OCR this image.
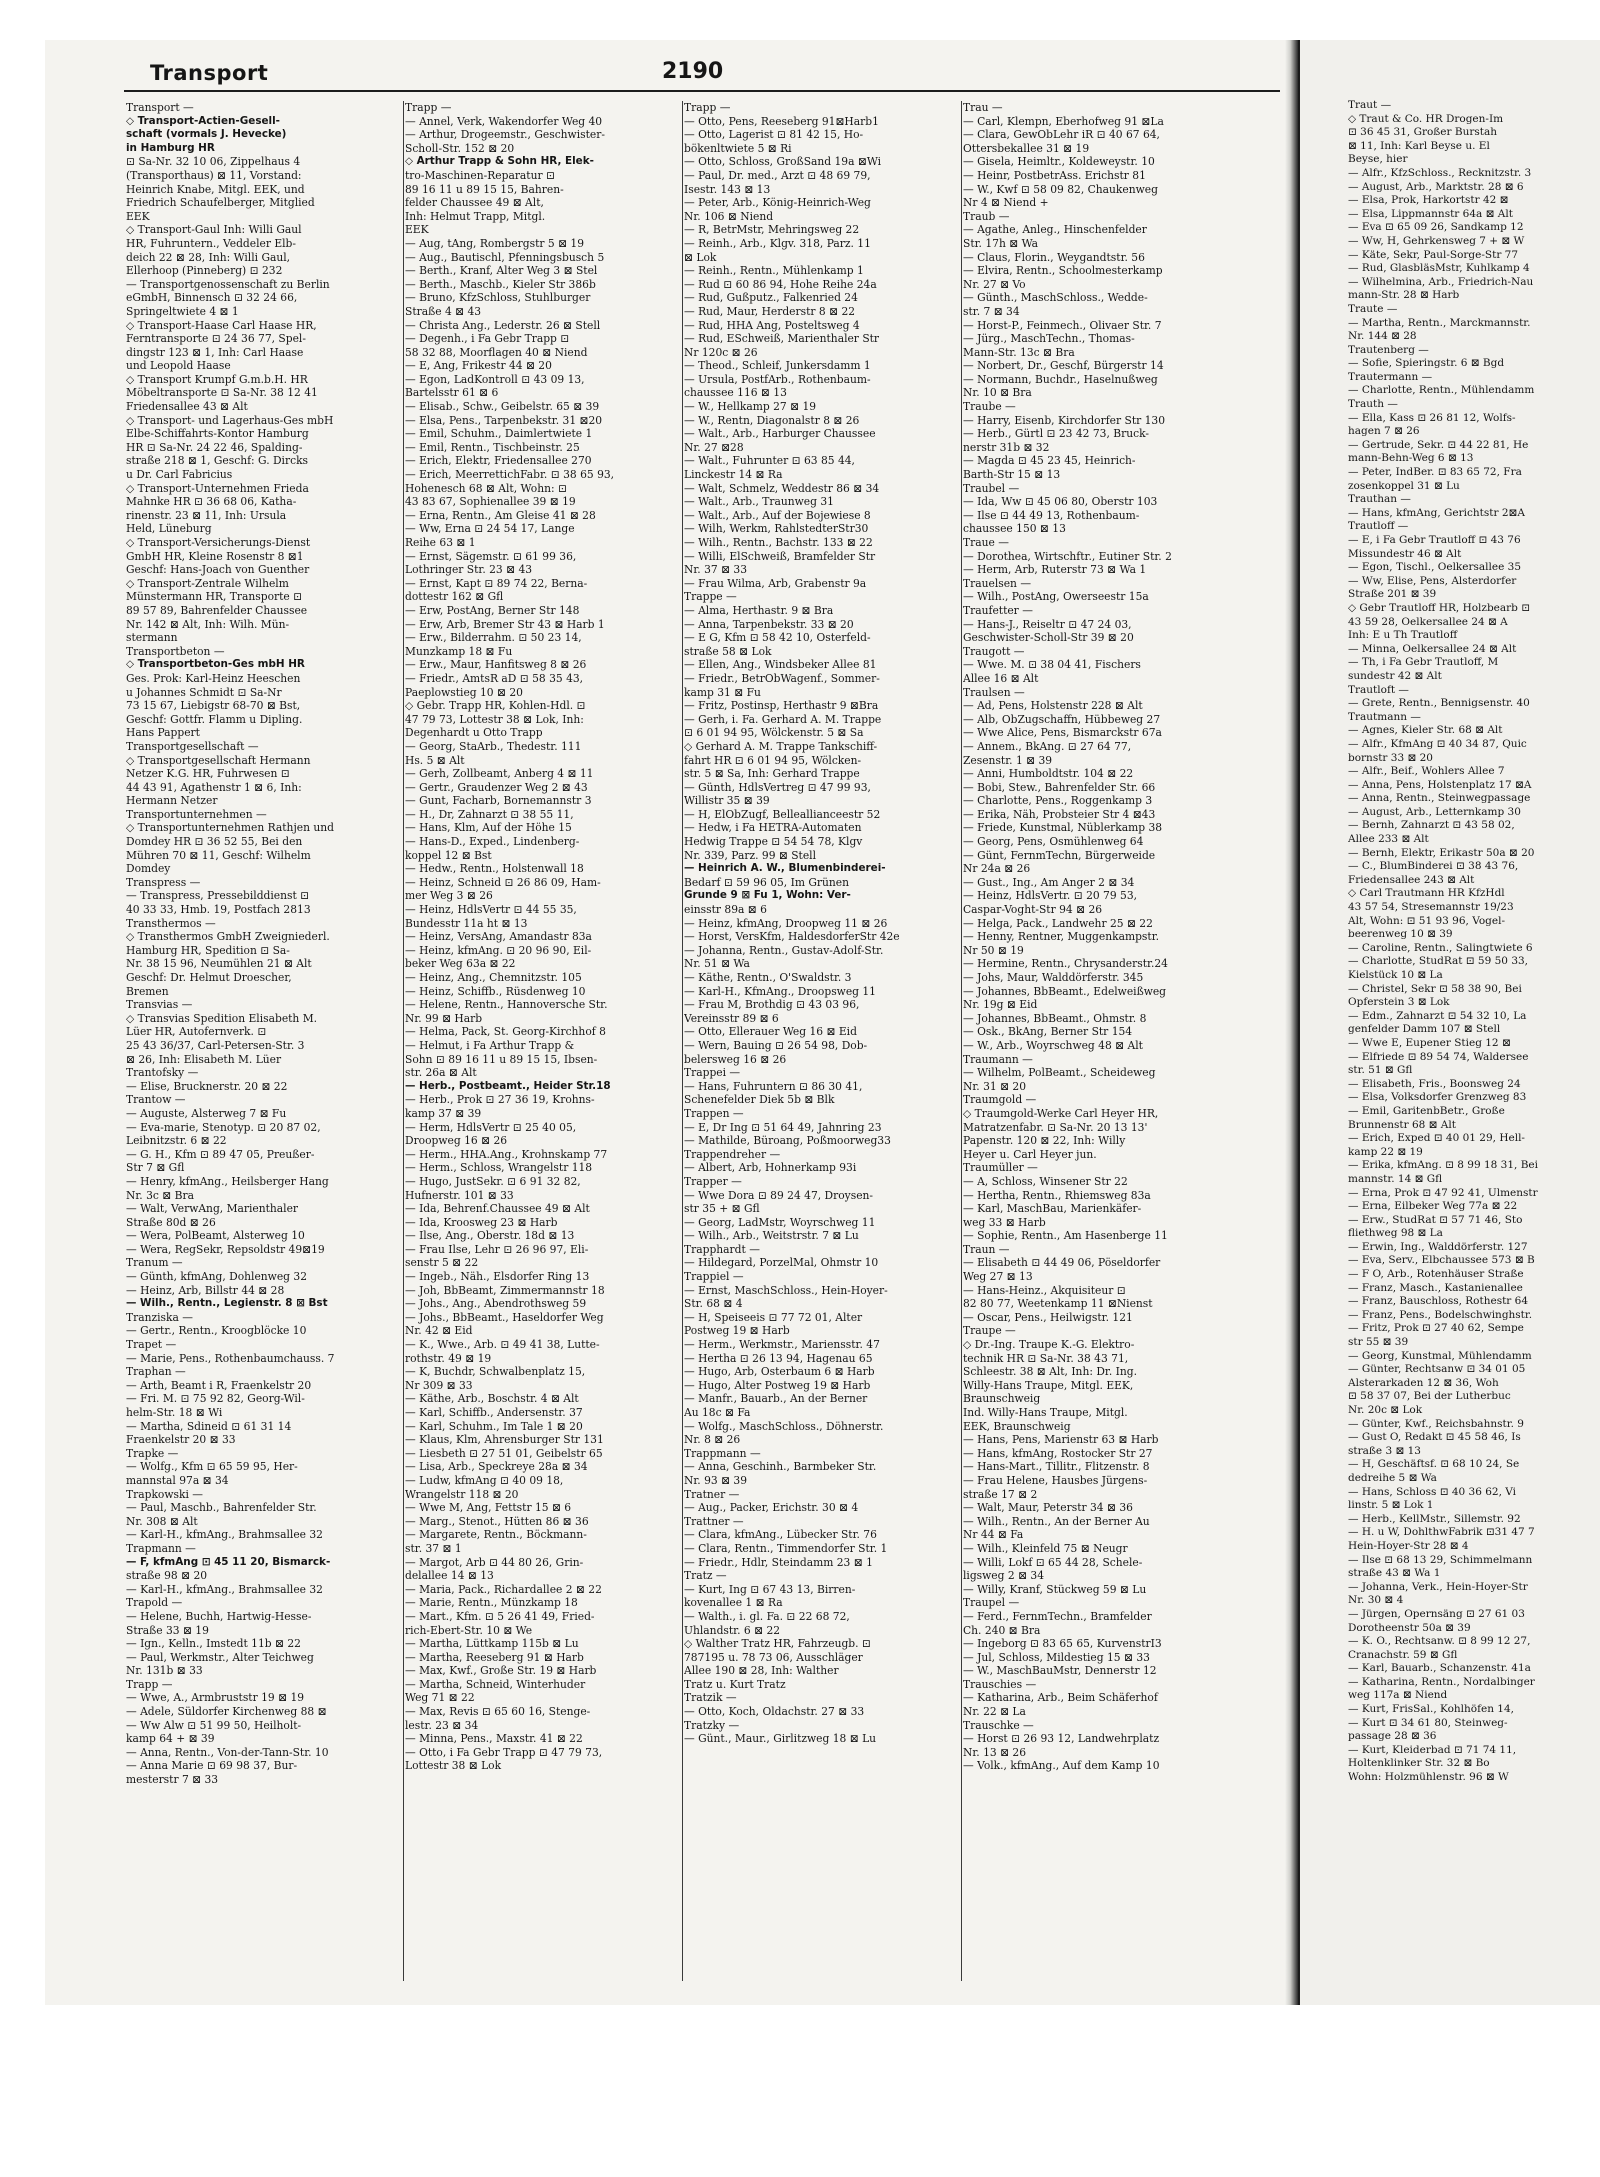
Transport	2190
Transport —
◇ Transport-Actien-Gesell-
schaft (vormals J. Hevecke)
in Hamburg HR
⊡ Sa-Nr. 32 10 06, Zippelhaus 4
(Transporthaus) ⊠ 11, Vorstand:
Heinrich Knabe, Mitgl. EEK, und
Friedrich Schaufelberger, Mitglied
EEK
◇ Transport-Gaul Inh: Willi Gaul
HR, Fuhruntern., Veddeler Elb-
deich 22 ⊠ 28, Inh: Willi Gaul,
Ellerhoop (Pinneberg) ⊡ 232
— Transportgenossenschaft zu Berlin
eGmbH, Binnensch ⊡ 32 24 66,
Springeltwiete 4 ⊠ 1
◇ Transport-Haase Carl Haase HR,
Ferntransporte ⊡ 24 36 77, Spel-
dingstr 123 ⊠ 1, Inh: Carl Haase
und Leopold Haase
◇ Transport Krumpf G.m.b.H. HR
Möbeltransporte ⊡ Sa-Nr. 38 12 41
Friedensallee 43 ⊠ Alt
◇ Transport- und Lagerhaus-Ges mbH
Elbe-Schiffahrts-Kontor Hamburg
HR ⊡ Sa-Nr. 24 22 46, Spalding-
straße 218 ⊠ 1, Geschf: G. Dircks
u Dr. Carl Fabricius
◇ Transport-Unternehmen Frieda
Mahnke HR ⊡ 36 68 06, Katha-
rinenstr. 23 ⊠ 11, Inh: Ursula
Held, Lüneburg
◇ Transport-Versicherungs-Dienst
GmbH HR, Kleine Rosenstr 8 ⊠1
Geschf: Hans-Joach von Guenther
◇ Transport-Zentrale Wilhelm
Münstermann HR, Transporte ⊡
89 57 89, Bahrenfelder Chaussee
Nr. 142 ⊠ Alt, Inh: Wilh. Mün-
stermann
Transportbeton —
◇ Transportbeton-Ges mbH HR
Ges. Prok: Karl-Heinz Heeschen
u Johannes Schmidt ⊡ Sa-Nr
73 15 67, Liebigstr 68-70 ⊠ Bst,
Geschf: Gottfr. Flamm u Dipling.
Hans Pappert
Transportgesellschaft —
◇ Transportgesellschaft Hermann
Netzer K.G. HR, Fuhrwesen ⊡
44 43 91, Agathenstr 1 ⊠ 6, Inh:
Hermann Netzer
Transportunternehmen —
◇ Transportunternehmen Rathjen und
Domdey HR ⊡ 36 52 55, Bei den
Mühren 70 ⊠ 11, Geschf: Wilhelm
Domdey
Transpress —
— Transpress, Pressebilddienst ⊡
40 33 33, Hmb. 19, Postfach 2813
Transthermos —
◇ Transthermos GmbH Zweigniederl.
Hamburg HR, Spedition ⊡ Sa-
Nr. 38 15 96, Neumühlen 21 ⊠ Alt
Geschf: Dr. Helmut Droescher,
Bremen
Transvias —
◇ Transvias Spedition Elisabeth M.
Lüer HR, Autofernverk. ⊡
25 43 36/37, Carl-Petersen-Str. 3
⊠ 26, Inh: Elisabeth M. Lüer
Trantofsky —
— Elise, Brucknerstr. 20 ⊠ 22
Trantow —
— Auguste, Alsterweg 7 ⊠ Fu
— Eva-marie, Stenotyp. ⊡ 20 87 02,
Leibnitzstr. 6 ⊠ 22
— G. H., Kfm ⊡ 89 47 05, Preußer-
Str 7 ⊠ Gfl
— Henry, kfmAng., Heilsberger Hang
Nr. 3c ⊠ Bra
— Walt, VerwAng, Marienthaler
Straße 80d ⊠ 26
— Wera, PolBeamt, Alsterweg 10
— Wera, RegSekr, Repsoldstr 49⊠19
Tranum —
— Günth, kfmAng, Dohlenweg 32
— Heinz, Arb, Billstr 44 ⊠ 28
— Wilh., Rentn., Legienstr. 8 ⊠ Bst
Tranziska —
— Gertr., Rentn., Kroogblöcke 10
Trapet —
— Marie, Pens., Rothenbaumchauss. 7
Traphan —
— Arth, Beamt i R, Fraenkelstr 20
— Fri. M. ⊡ 75 92 82, Georg-Wil-
helm-Str. 18 ⊠ Wi
— Martha, Sdineid ⊡ 61 31 14
Fraenkelstr 20 ⊠ 33
Trapke —
— Wolfg., Kfm ⊡ 65 59 95, Her-
mannstal 97a ⊠ 34
Trapkowski —
— Paul, Maschb., Bahrenfelder Str.
Nr. 308 ⊠ Alt
— Karl-H., kfmAng., Brahmsallee 32
Trapmann —
— F, kfmAng ⊡ 45 11 20, Bismarck-
straße 98 ⊠ 20
— Karl-H., kfmAng., Brahmsallee 32
Trapold —
— Helene, Buchh, Hartwig-Hesse-
Straße 33 ⊠ 19
— Ign., Kelln., Imstedt 11b ⊠ 22
— Paul, Werkmstr., Alter Teichweg
Nr. 131b ⊠ 33
Trapp —
— Wwe, A., Armbruststr 19 ⊠ 19
— Adele, Süldorfer Kirchenweg 88 ⊠
— Ww Alw ⊡ 51 99 50, Heilholt-
kamp 64 + ⊠ 39
— Anna, Rentn., Von-der-Tann-Str. 10
— Anna Marie ⊡ 69 98 37, Bur-
mesterstr 7 ⊠ 33
Trapp —
— Annel, Verk, Wakendorfer Weg 40
— Arthur, Drogeemstr., Geschwister-
Scholl-Str. 152 ⊠ 20
◇ Arthur Trapp & Sohn HR, Elek-
tro-Maschinen-Reparatur ⊡
89 16 11 u 89 15 15, Bahren-
felder Chaussee 49 ⊠ Alt,
Inh: Helmut Trapp, Mitgl.
EEK
— Aug, tAng, Rombergstr 5 ⊠ 19
— Aug., Bautischl, Pfenningsbusch 5
— Berth., Kranf, Alter Weg 3 ⊠ Stel
— Berth., Maschb., Kieler Str 386b
— Bruno, KfzSchloss, Stuhlburger
Straße 4 ⊠ 43
— Christa Ang., Lederstr. 26 ⊠ Stell
— Degenh., i Fa Gebr Trapp ⊡
58 32 88, Moorflagen 40 ⊠ Niend
— E, Ang, Frikestr 44 ⊠ 20
— Egon, LadKontroll ⊡ 43 09 13,
Bartelsstr 61 ⊠ 6
— Elisab., Schw., Geibelstr. 65 ⊠ 39
— Elsa, Pens., Tarpenbekstr. 31 ⊠20
— Emil, Schuhm., Daimlertwiete 1
— Emil, Rentn., Tischbeinstr. 25
— Erich, Elektr, Friedensallee 270
— Erich, MeerrettichFabr. ⊡ 38 65 93,
Hohenesch 68 ⊠ Alt, Wohn: ⊡
43 83 67, Sophienallee 39 ⊠ 19
— Erna, Rentn., Am Gleise 41 ⊠ 28
— Ww, Erna ⊡ 24 54 17, Lange
Reihe 63 ⊠ 1
— Ernst, Sägemstr. ⊡ 61 99 36,
Lothringer Str. 23 ⊠ 43
— Ernst, Kapt ⊡ 89 74 22, Berna-
dottestr 162 ⊠ Gfl
— Erw, PostAng, Berner Str 148
— Erw, Arb, Bremer Str 43 ⊠ Harb 1
— Erw., Bilderrahm. ⊡ 50 23 14,
Munzkamp 18 ⊠ Fu
— Erw., Maur, Hanfitsweg 8 ⊠ 26
— Friedr., AmtsR aD ⊡ 58 35 43,
Paeplowstieg 10 ⊠ 20
◇ Gebr. Trapp HR, Kohlen-Hdl. ⊡
47 79 73, Lottestr 38 ⊠ Lok, Inh:
Degenhardt u Otto Trapp
— Georg, StaArb., Thedestr. 111
Hs. 5 ⊠ Alt
— Gerh, Zollbeamt, Anberg 4 ⊠ 11
— Gertr., Graudenzer Weg 2 ⊠ 43
— Gunt, Facharb, Bornemannstr 3
— H., Dr, Zahnarzt ⊡ 38 55 11,
— Hans, Klm, Auf der Höhe 15
— Hans-D., Exped., Lindenberg-
koppel 12 ⊠ Bst
— Hedw., Rentn., Holstenwall 18
— Heinz, Schneid ⊡ 26 86 09, Ham-
mer Weg 3 ⊠ 26
— Heinz, HdlsVertr ⊡ 44 55 35,
Bundesstr 11a ht ⊠ 13
— Heinz, VersAng, Amandastr 83a
— Heinz, kfmAng. ⊡ 20 96 90, Eil-
beker Weg 63a ⊠ 22
— Heinz, Ang., Chemnitzstr. 105
— Heinz, Schiffb., Rüsdenweg 10
— Helene, Rentn., Hannoversche Str.
Nr. 99 ⊠ Harb
— Helma, Pack, St. Georg-Kirchhof 8
— Helmut, i Fa Arthur Trapp &
Sohn ⊡ 89 16 11 u 89 15 15, Ibsen-
str. 26a ⊠ Alt
— Herb., Postbeamt., Heider Str.18
— Herb., Prok ⊡ 27 36 19, Krohns-
kamp 37 ⊠ 39
— Herm, HdlsVertr ⊡ 25 40 05,
Droopweg 16 ⊠ 26
— Herm., HHA.Ang., Krohnskamp 77
— Herm., Schloss, Wrangelstr 118
— Hugo, JustSekr. ⊡ 6 91 32 82,
Hufnerstr. 101 ⊠ 33
— Ida, Behrenf.Chaussee 49 ⊠ Alt
— Ida, Kroosweg 23 ⊠ Harb
— Ilse, Ang., Oberstr. 18d ⊠ 13
— Frau Ilse, Lehr ⊡ 26 96 97, Eli-
senstr 5 ⊠ 22
— Ingeb., Näh., Elsdorfer Ring 13
— Joh, BbBeamt, Zimmermannstr 18
— Johs., Ang., Abendrothsweg 59
— Johs., BbBeamt., Haseldorfer Weg
Nr. 42 ⊠ Eid
— K., Wwe., Arb. ⊡ 49 41 38, Lutte-
rothstr. 49 ⊠ 19
— K, Buchdr, Schwalbenplatz 15,
Nr 309 ⊠ 33
— Käthe, Arb., Boschstr. 4 ⊠ Alt
— Karl, Schiffb., Andersenstr. 37
— Karl, Schuhm., Im Tale 1 ⊠ 20
— Klaus, Klm, Ahrensburger Str 131
— Liesbeth ⊡ 27 51 01, Geibelstr 65
— Lisa, Arb., Speckreye 28a ⊠ 34
— Ludw, kfmAng ⊡ 40 09 18,
Wrangelstr 118 ⊠ 20
— Wwe M, Ang, Fettstr 15 ⊠ 6
— Marg., Stenot., Hütten 86 ⊠ 36
— Margarete, Rentn., Böckmann-
str. 37 ⊠ 1
— Margot, Arb ⊡ 44 80 26, Grin-
delallee 14 ⊠ 13
— Maria, Pack., Richardallee 2 ⊠ 22
— Marie, Rentn., Münzkamp 18
— Mart., Kfm. ⊡ 5 26 41 49, Fried-
rich-Ebert-Str. 10 ⊠ We
— Martha, Lüttkamp 115b ⊠ Lu
— Martha, Reeseberg 91 ⊠ Harb
— Max, Kwf., Große Str. 19 ⊠ Harb
— Martha, Schneid, Winterhuder
Weg 71 ⊠ 22
— Max, Revis ⊡ 65 60 16, Stenge-
lestr. 23 ⊠ 34
— Minna, Pens., Maxstr. 41 ⊠ 22
— Otto, i Fa Gebr Trapp ⊡ 47 79 73,
Lottestr 38 ⊠ Lok
Trapp —
— Otto, Pens, Reeseberg 91⊠Harb1
— Otto, Lagerist ⊡ 81 42 15, Ho-
bökenltwiete 5 ⊠ Ri
— Otto, Schloss, GroßSand 19a ⊠Wi
— Paul, Dr. med., Arzt ⊡ 48 69 79,
Isestr. 143 ⊠ 13
— Peter, Arb., König-Heinrich-Weg
Nr. 106 ⊠ Niend
— R, BetrMstr, Mehringsweg 22
— Reinh., Arb., Klgv. 318, Parz. 11
⊠ Lok
— Reinh., Rentn., Mühlenkamp 1
— Rud ⊡ 60 86 94, Hohe Reihe 24a
— Rud, Gußputz., Falkenried 24
— Rud, Maur, Herderstr 8 ⊠ 22
— Rud, HHA Ang, Posteltsweg 4
— Rud, ESchweiß, Marienthaler Str
Nr 120c ⊠ 26
— Theod., Schleif, Junkersdamm 1
— Ursula, PostfArb., Rothenbaum-
chaussee 116 ⊠ 13
— W., Hellkamp 27 ⊠ 19
— W., Rentn, Diagonalstr 8 ⊠ 26
— Walt., Arb., Harburger Chaussee
Nr. 27 ⊠28
— Walt., Fuhrunter ⊡ 63 85 44,
Linckestr 14 ⊠ Ra
— Walt, Schmelz, Weddestr 86 ⊠ 34
— Walt., Arb., Traunweg 31
— Walt., Arb., Auf der Bojewiese 8
— Wilh, Werkm, RahlstedterStr30
— Wilh., Rentn., Bachstr. 133 ⊠ 22
— Willi, ElSchweiß, Bramfelder Str
Nr. 37 ⊠ 33
— Frau Wilma, Arb, Grabenstr 9a
Trappe —
— Alma, Herthastr. 9 ⊠ Bra
— Anna, Tarpenbekstr. 33 ⊠ 20
— E G, Kfm ⊡ 58 42 10, Osterfeld-
straße 58 ⊠ Lok
— Ellen, Ang., Windsbeker Allee 81
— Friedr., BetrObWagenf., Sommer-
kamp 31 ⊠ Fu
— Fritz, Postinsp, Herthastr 9 ⊠Bra
— Gerh, i. Fa. Gerhard A. M. Trappe
⊡ 6 01 94 95, Wölckenstr. 5 ⊠ Sa
◇ Gerhard A. M. Trappe Tankschiff-
fahrt HR ⊡ 6 01 94 95, Wölcken-
str. 5 ⊠ Sa, Inh: Gerhard Trappe
— Günth, HdlsVertreg ⊡ 47 99 93,
Willistr 35 ⊠ 39
— H, ElObZugf, Belleallianceestr 52
— Hedw, i Fa HETRA-Automaten
Hedwig Trappe ⊡ 54 54 78, Klgv
Nr. 339, Parz. 99 ⊠ Stell
— Heinrich A. W., Blumenbinderei-
Bedarf ⊡ 59 96 05, Im Grünen
Grunde 9 ⊠ Fu 1, Wohn: Ver-
einsstr 89a ⊠ 6
— Heinz, kfmAng, Droopweg 11 ⊠ 26
— Horst, VersKfm, HaldesdorferStr 42e
— Johanna, Rentn., Gustav-Adolf-Str.
Nr. 51 ⊠ Wa
— Käthe, Rentn., O'Swaldstr. 3
— Karl-H., KfmAng., Droopsweg 11
— Frau M, Brothdig ⊡ 43 03 96,
Vereinsstr 89 ⊠ 6
— Otto, Ellerauer Weg 16 ⊠ Eid
— Wern, Bauing ⊡ 26 54 98, Dob-
belersweg 16 ⊠ 26
Trappei —
— Hans, Fuhruntern ⊡ 86 30 41,
Schenefelder Diek 5b ⊠ Blk
Trappen —
— E, Dr Ing ⊡ 51 64 49, Jahnring 23
— Mathilde, Büroang, Poßmoorweg33
Trappendreher —
— Albert, Arb, Hohnerkamp 93i
Trapper —
— Wwe Dora ⊡ 89 24 47, Droysen-
str 35 + ⊠ Gfl
— Georg, LadMstr, Woyrschweg 11
— Wilh., Arb., Weitstrstr. 7 ⊠ Lu
Trapphardt —
— Hildegard, PorzelMal, Ohmstr 10
Trappiel —
— Ernst, MaschSchloss., Hein-Hoyer-
Str. 68 ⊠ 4
— H, Speiseeis ⊡ 77 72 01, Alter
Postweg 19 ⊠ Harb
— Herm., Werkmstr., Mariensstr. 47
— Hertha ⊡ 26 13 94, Hagenau 65
— Hugo, Arb, Osterbaum 6 ⊠ Harb
— Hugo, Alter Postweg 19 ⊠ Harb
— Manfr., Bauarb., An der Berner
Au 18c ⊠ Fa
— Wolfg., MaschSchloss., Döhnerstr.
Nr. 8 ⊠ 26
Trappmann —
— Anna, Geschinh., Barmbeker Str.
Nr. 93 ⊠ 39
Tratner —
— Aug., Packer, Erichstr. 30 ⊠ 4
Trattner —
— Clara, kfmAng., Lübecker Str. 76
— Clara, Rentn., Timmendorfer Str. 1
— Friedr., Hdlr, Steindamm 23 ⊠ 1
Tratz —
— Kurt, Ing ⊡ 67 43 13, Birren-
kovenallee 1 ⊠ Ra
— Walth., i. gl. Fa. ⊡ 22 68 72,
Uhlandstr. 6 ⊠ 22
◇ Walther Tratz HR, Fahrzeugb. ⊡
787195 u. 78 73 06, Ausschläger
Allee 190 ⊠ 28, Inh: Walther
Tratz u. Kurt Tratz
Tratzik —
— Otto, Koch, Oldachstr. 27 ⊠ 33
Tratzky —
— Günt., Maur., Girlitzweg 18 ⊠ Lu
Trau —
— Carl, Klempn, Eberhofweg 91 ⊠La
— Clara, GewObLehr iR ⊡ 40 67 64,
Ottersbekallee 31 ⊠ 19
— Gisela, Heimltr., Koldeweystr. 10
— Heinr, PostbetrAss. Erichstr 81
— W., Kwf ⊡ 58 09 82, Chaukenweg
Nr 4 ⊠ Niend +
Traub —
— Agathe, Anleg., Hinschenfelder
Str. 17h ⊠ Wa
— Claus, Florin., Weygandtstr. 56
— Elvira, Rentn., Schoolmesterkamp
Nr. 27 ⊠ Vo
— Günth., MaschSchloss., Wedde-
str. 7 ⊠ 34
— Horst-P., Feinmech., Olivaer Str. 7
— Jürg., MaschTechn., Thomas-
Mann-Str. 13c ⊠ Bra
— Norbert, Dr., Geschf, Bürgerstr 14
— Normann, Buchdr., Haselnußweg
Nr. 10 ⊠ Bra
Traube —
— Harry, Eisenb, Kirchdorfer Str 130
— Herb., Gürtl ⊡ 23 42 73, Bruck-
nerstr 31b ⊠ 32
— Magda ⊡ 45 23 45, Heinrich-
Barth-Str 15 ⊠ 13
Traubel —
— Ida, Ww ⊡ 45 06 80, Oberstr 103
— Ilse ⊡ 44 49 13, Rothenbaum-
chaussee 150 ⊠ 13
Traue —
— Dorothea, Wirtschftr., Eutiner Str. 2
— Herm, Arb, Ruterstr 73 ⊠ Wa 1
Trauelsen —
— Wilh., PostAng, Owerseestr 15a
Traufetter —
— Hans-J., Reiseltr ⊡ 47 24 03,
Geschwister-Scholl-Str 39 ⊠ 20
Traugott —
— Wwe. M. ⊡ 38 04 41, Fischers
Allee 16 ⊠ Alt
Traulsen —
— Ad, Pens, Holstenstr 228 ⊠ Alt
— Alb, ObZugschaffn, Hübbeweg 27
— Wwe Alice, Pens, Bismarckstr 67a
— Annem., BkAng. ⊡ 27 64 77,
Zesenstr. 1 ⊠ 39
— Anni, Humboldtstr. 104 ⊠ 22
— Bobi, Stew., Bahrenfelder Str. 66
— Charlotte, Pens., Roggenkamp 3
— Erika, Näh, Probsteier Str 4 ⊠43
— Friede, Kunstmal, Nüblerkamp 38
— Georg, Pens, Osmühlenweg 64
— Günt, FernmTechn, Bürgerweide
Nr 24a ⊠ 26
— Gust., Ing., Am Anger 2 ⊠ 34
— Heinz, HdlsVertr. ⊡ 20 79 53,
Caspar-Voght-Str 94 ⊠ 26
— Helga, Pack., Landwehr 25 ⊠ 22
— Henny, Rentner, Muggenkampstr.
Nr 50 ⊠ 19
— Hermine, Rentn., Chrysanderstr.24
— Johs, Maur, Walddörferstr. 345
— Johannes, BbBeamt., Edelweißweg
Nr. 19g ⊠ Eid
— Johannes, BbBeamt., Ohmstr. 8
— Osk., BkAng, Berner Str 154
— W., Arb., Woyrschweg 48 ⊠ Alt
Traumann —
— Wilhelm, PolBeamt., Scheideweg
Nr. 31 ⊠ 20
Traumgold —
◇ Traumgold-Werke Carl Heyer HR,
Matratzenfabr. ⊡ Sa-Nr. 20 13 13'
Papenstr. 120 ⊠ 22, Inh: Willy
Heyer u. Carl Heyer jun.
Traumüller —
— A, Schloss, Winsener Str 22
— Hertha, Rentn., Rhiemsweg 83a
— Karl, MaschBau, Marienkäfer-
weg 33 ⊠ Harb
— Sophie, Rentn., Am Hasenberge 11
Traun —
— Elisabeth ⊡ 44 49 06, Pöseldorfer
Weg 27 ⊠ 13
— Hans-Heinz., Akquisiteur ⊡
82 80 77, Weetenkamp 11 ⊠Nienst
— Oscar, Pens., Heilwigstr. 121
Traupe —
◇ Dr.-Ing. Traupe K.-G. Elektro-
technik HR ⊡ Sa-Nr. 38 43 71,
Schleestr. 38 ⊠ Alt, Inh: Dr. Ing.
Willy-Hans Traupe, Mitgl. EEK,
Braunschweig
Ind. Willy-Hans Traupe, Mitgl.
EEK, Braunschweig
— Hans, Pens, Marienstr 63 ⊠ Harb
— Hans, kfmAng, Rostocker Str 27
— Hans-Mart., Tillitr., Flitzenstr. 8
— Frau Helene, Hausbes Jürgens-
straße 17 ⊠ 2
— Walt, Maur, Peterstr 34 ⊠ 36
— Wilh., Rentn., An der Berner Au
Nr 44 ⊠ Fa
— Wilh., Kleinfeld 75 ⊠ Neugr
— Willi, Lokf ⊡ 65 44 28, Schele-
ligsweg 2 ⊠ 34
— Willy, Kranf, Stückweg 59 ⊠ Lu
Traupel —
— Ferd., FernmTechn., Bramfelder
Ch. 240 ⊠ Bra
— Ingeborg ⊡ 83 65 65, KurvenstrI3
— Jul, Schloss, Mildestieg 15 ⊠ 33
— W., MaschBauMstr, Dennerstr 12
Trauschies —
— Katharina, Arb., Beim Schäferhof
Nr. 22 ⊠ La
Trauschke —
— Horst ⊡ 26 93 12, Landwehrplatz
Nr. 13 ⊠ 26
— Volk., kfmAng., Auf dem Kamp 10
Traut —
◇ Traut & Co. HR Drogen-Im
⊡ 36 45 31, Großer Burstah
⊠ 11, Inh: Karl Beyse u. El
Beyse, hier
— Alfr., KfzSchloss., Recknitzstr. 3
— August, Arb., Marktstr. 28 ⊠ 6
— Elsa, Prok, Harkortstr 42 ⊠
— Elsa, Lippmannstr 64a ⊠ Alt
— Eva ⊡ 65 09 26, Sandkamp 12
— Ww, H, Gehrkensweg 7 + ⊠ W
— Käte, Sekr, Paul-Sorge-Str 77
— Rud, GlasbläsMstr, Kuhlkamp 4
— Wilhelmina, Arb., Friedrich-Nau
mann-Str. 28 ⊠ Harb
Traute —
— Martha, Rentn., Marckmannstr.
Nr. 144 ⊠ 28
Trautenberg —
— Sofie, Spieringstr. 6 ⊠ Bgd
Trautermann —
— Charlotte, Rentn., Mühlendamm
Trauth —
— Ella, Kass ⊡ 26 81 12, Wolfs-
hagen 7 ⊠ 26
— Gertrude, Sekr. ⊡ 44 22 81, He
mann-Behn-Weg 6 ⊠ 13
— Peter, IndBer. ⊡ 83 65 72, Fra
zosenkoppel 31 ⊠ Lu
Trauthan —
— Hans, kfmAng, Gerichtstr 2⊠A
Trautloff —
— E, i Fa Gebr Trautloff ⊡ 43 76
Missundestr 46 ⊠ Alt
— Egon, Tischl., Oelkersallee 35
— Ww, Elise, Pens, Alsterdorfer
Straße 201 ⊠ 39
◇ Gebr Trautloff HR, Holzbearb ⊡
43 59 28, Oelkersallee 24 ⊠ A
Inh: E u Th Trautloff
— Minna, Oelkersallee 24 ⊠ Alt
— Th, i Fa Gebr Trautloff, M
sundestr 42 ⊠ Alt
Trautloft —
— Grete, Rentn., Bennigsenstr. 40
Trautmann —
— Agnes, Kieler Str. 68 ⊠ Alt
— Alfr., KfmAng ⊡ 40 34 87, Quic
bornstr 33 ⊠ 20
— Alfr., Beif., Wohlers Allee 7
— Anna, Pens, Holstenplatz 17 ⊠A
— Anna, Rentn., Steinwegpassage
— August, Arb., Letternkamp 30
— Bernh, Zahnarzt ⊡ 43 58 02,
Allee 233 ⊠ Alt
— Bernh, Elektr, Erikastr 50a ⊠ 20
— C., BlumBinderei ⊡ 38 43 76,
Friedensallee 243 ⊠ Alt
◇ Carl Trautmann HR KfzHdl
43 57 54, Stresemannstr 19/23
Alt, Wohn: ⊡ 51 93 96, Vogel-
beerenweg 10 ⊠ 39
— Caroline, Rentn., Salingtwiete 6
— Charlotte, StudRat ⊡ 59 50 33,
Kielstück 10 ⊠ La
— Christel, Sekr ⊡ 58 38 90, Bei
Opferstein 3 ⊠ Lok
— Edm., Zahnarzt ⊡ 54 32 10, La
genfelder Damm 107 ⊠ Stell
— Wwe E, Eupener Stieg 12 ⊠
— Elfriede ⊡ 89 54 74, Waldersee
str. 51 ⊠ Gfl
— Elisabeth, Fris., Boonsweg 24
— Elsa, Volksdorfer Grenzweg 83
— Emil, GaritenbBetr., Große
Brunnenstr 68 ⊠ Alt
— Erich, Exped ⊡ 40 01 29, Hell-
kamp 22 ⊠ 19
— Erika, kfmAng. ⊡ 8 99 18 31, Bei
mannstr. 14 ⊠ Gfl
— Erna, Prok ⊡ 47 92 41, Ulmenstr
— Erna, Eilbeker Weg 77a ⊠ 22
— Erw., StudRat ⊡ 57 71 46, Sto
fliethweg 98 ⊠ La
— Erwin, Ing., Walddörferstr. 127
— Eva, Serv., Elbchaussee 573 ⊠ B
— F O, Arb., Rotenhäuser Straße
— Franz, Masch., Kastanienallee
— Franz, Bauschloss, Rothestr 64
— Franz, Pens., Bodelschwinghstr.
— Fritz, Prok ⊡ 27 40 62, Sempe
str 55 ⊠ 39
— Georg, Kunstmal, Mühlendamm
— Günter, Rechtsanw ⊡ 34 01 05
Alsterarkaden 12 ⊠ 36, Woh
⊡ 58 37 07, Bei der Lutherbuc
Nr. 20c ⊠ Lok
— Günter, Kwf., Reichsbahnstr. 9
— Gust O, Redakt ⊡ 45 58 46, Is
straße 3 ⊠ 13
— H, Geschäftsf. ⊡ 68 10 24, Se
dedreihe 5 ⊠ Wa
— Hans, Schloss ⊡ 40 36 62, Vi
linstr. 5 ⊠ Lok 1
— Herb., KellMstr., Sillemstr. 92
— H. u W, DohlthwFabrik ⊡31 47 7
Hein-Hoyer-Str 28 ⊠ 4
— Ilse ⊡ 68 13 29, Schimmelmann
straße 43 ⊠ Wa 1
— Johanna, Verk., Hein-Hoyer-Str
Nr. 30 ⊠ 4
— Jürgen, Opernsäng ⊡ 27 61 03
Dorotheenstr 50a ⊠ 39
— K. O., Rechtsanw. ⊡ 8 99 12 27,
Cranachstr. 59 ⊠ Gfl
— Karl, Bauarb., Schanzenstr. 41a
— Katharina, Rentn., Nordalbinger
weg 117a ⊠ Niend
— Kurt, FrisSal., Kohlhöfen 14,
— Kurt ⊡ 34 61 80, Steinweg-
passage 28 ⊠ 36
— Kurt, Kleiderbad ⊡ 71 74 11,
Holtenklinker Str. 32 ⊠ Bo
Wohn: Holzmühlenstr. 96 ⊠ W
